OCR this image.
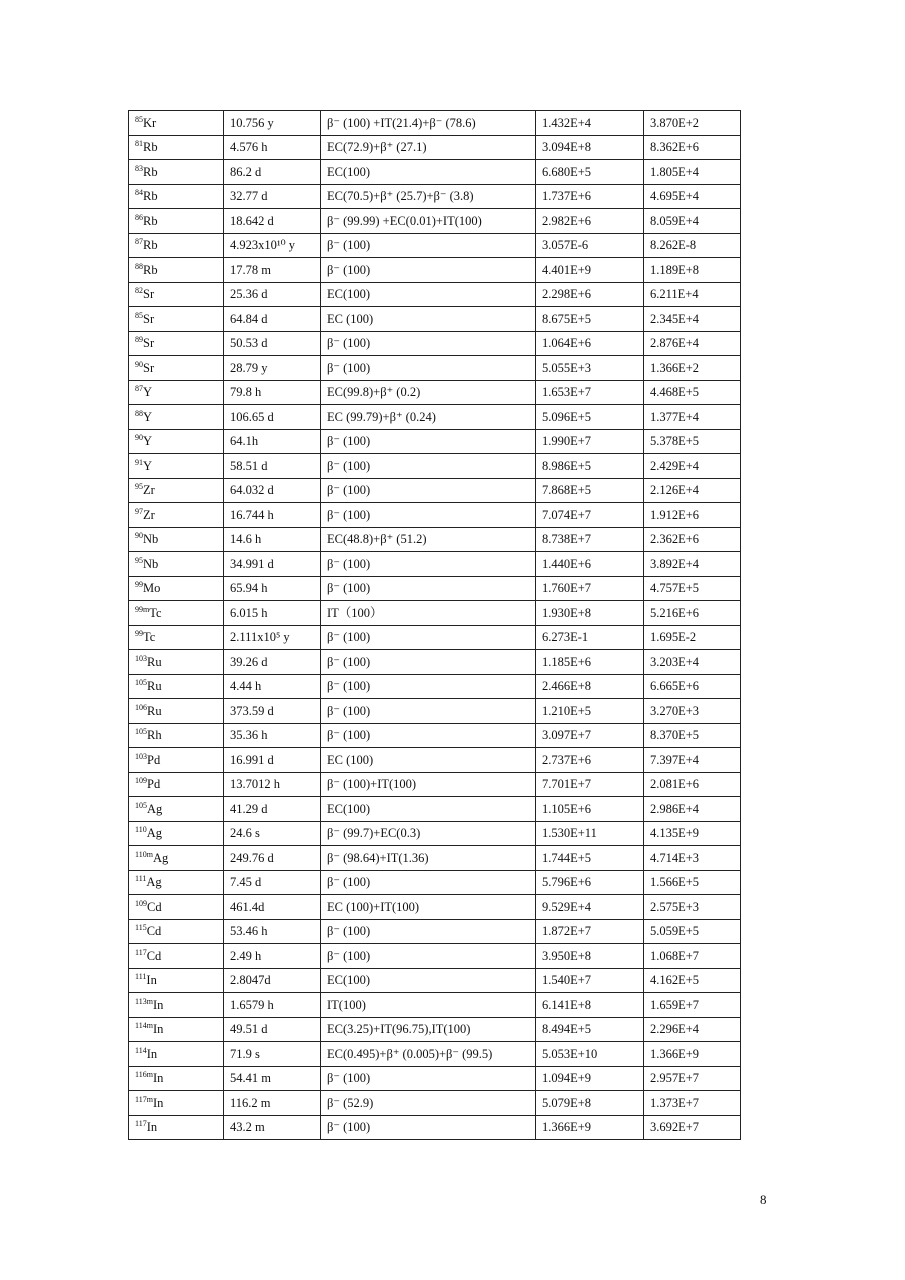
$^{85}$Kr	10.756 y	β⁻ (100) +IT(21.4)+β⁻ (78.6)	1.432E+4	3.870E+2
$^{81}$Rb	4.576 h	EC(72.9)+β⁺ (27.1)	3.094E+8	8.362E+6
$^{83}$Rb	86.2 d	EC(100)	6.680E+5	1.805E+4
$^{84}$Rb	32.77 d	EC(70.5)+β⁺ (25.7)+β⁻ (3.8)	1.737E+6	4.695E+4
$^{86}$Rb	18.642 d	β⁻ (99.99) +EC(0.01)+IT(100)	2.982E+6	8.059E+4
$^{87}$Rb	4.923x10¹⁰ y	β⁻ (100)	3.057E-6	8.262E-8
$^{88}$Rb	17.78 m	β⁻ (100)	4.401E+9	1.189E+8
$^{82}$Sr	25.36 d	EC(100)	2.298E+6	6.211E+4
$^{85}$Sr	64.84 d	EC (100)	8.675E+5	2.345E+4
$^{89}$Sr	50.53 d	β⁻ (100)	1.064E+6	2.876E+4
$^{90}$Sr	28.79 y	β⁻ (100)	5.055E+3	1.366E+2
$^{87}$Y	79.8 h	EC(99.8)+β⁺ (0.2)	1.653E+7	4.468E+5
$^{88}$Y	106.65 d	EC (99.79)+β⁺ (0.24)	5.096E+5	1.377E+4
$^{90}$Y	64.1h	β⁻ (100)	1.990E+7	5.378E+5
$^{91}$Y	58.51 d	β⁻ (100)	8.986E+5	2.429E+4
$^{95}$Zr	64.032 d	β⁻ (100)	7.868E+5	2.126E+4
$^{97}$Zr	16.744 h	β⁻ (100)	7.074E+7	1.912E+6
$^{90}$Nb	14.6 h	EC(48.8)+β⁺ (51.2)	8.738E+7	2.362E+6
$^{95}$Nb	34.991 d	β⁻ (100)	1.440E+6	3.892E+4
$^{99}$Mo	65.94 h	β⁻ (100)	1.760E+7	4.757E+5
$^{99m}$Tc	6.015 h	IT（100）	1.930E+8	5.216E+6
$^{99}$Tc	2.111x10⁵ y	β⁻ (100)	6.273E-1	1.695E-2
$^{103}$Ru	39.26 d	β⁻ (100)	1.185E+6	3.203E+4
$^{105}$Ru	4.44 h	β⁻ (100)	2.466E+8	6.665E+6
$^{106}$Ru	373.59 d	β⁻ (100)	1.210E+5	3.270E+3
$^{105}$Rh	35.36 h	β⁻ (100)	3.097E+7	8.370E+5
$^{103}$Pd	16.991 d	EC (100)	2.737E+6	7.397E+4
$^{109}$Pd	13.7012 h	β⁻ (100)+IT(100)	7.701E+7	2.081E+6
$^{105}$Ag	41.29 d	EC(100)	1.105E+6	2.986E+4
$^{110}$Ag	24.6 s	β⁻ (99.7)+EC(0.3)	1.530E+11	4.135E+9
$^{110m}$Ag	249.76 d	β⁻ (98.64)+IT(1.36)	1.744E+5	4.714E+3
$^{111}$Ag	7.45 d	β⁻ (100)	5.796E+6	1.566E+5
$^{109}$Cd	461.4d	EC (100)+IT(100)	9.529E+4	2.575E+3
$^{115}$Cd	53.46 h	β⁻ (100)	1.872E+7	5.059E+5
$^{117}$Cd	2.49 h	β⁻ (100)	3.950E+8	1.068E+7
$^{111}$In	2.8047d	EC(100)	1.540E+7	4.162E+5
$^{113m}$In	1.6579 h	IT(100)	6.141E+8	1.659E+7
$^{114m}$In	49.51 d	EC(3.25)+IT(96.75),IT(100)	8.494E+5	2.296E+4
$^{114}$In	71.9 s	EC(0.495)+β⁺ (0.005)+β⁻ (99.5)	5.053E+10	1.366E+9
$^{116m}$In	54.41 m	β⁻ (100)	1.094E+9	2.957E+7
$^{117m}$In	116.2 m	β⁻ (52.9)	5.079E+8	1.373E+7
$^{117}$In	43.2 m	β⁻ (100)	1.366E+9	3.692E+7
8
